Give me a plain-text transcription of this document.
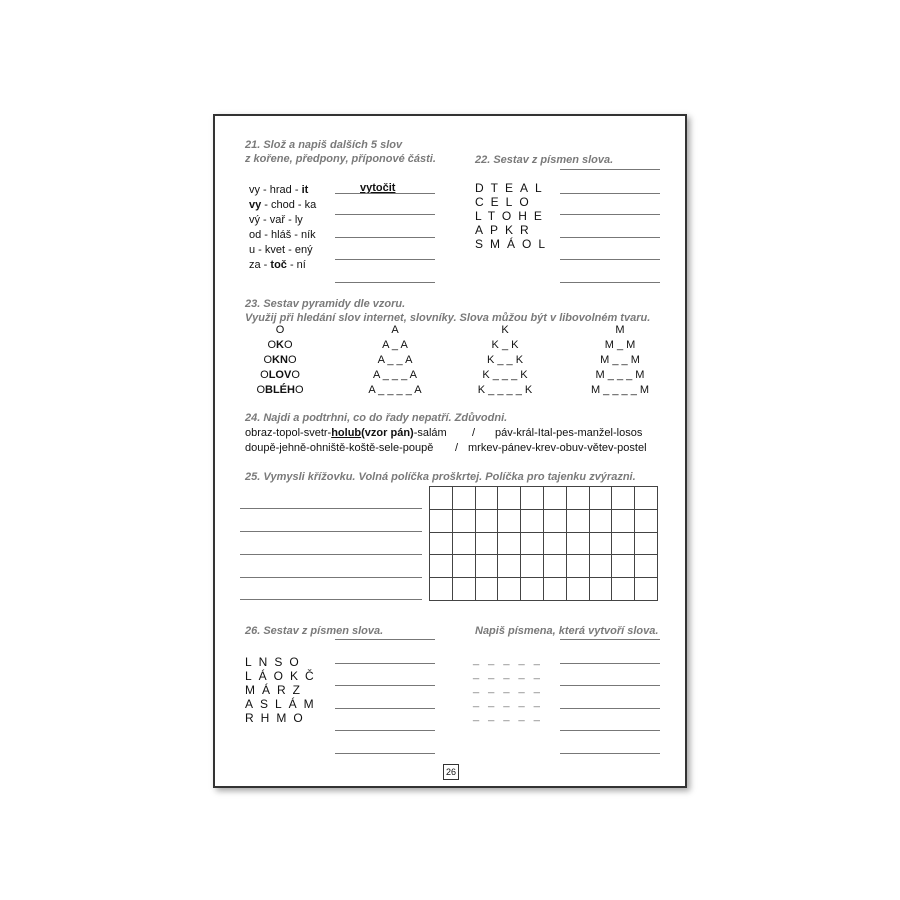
21. Slož a napiš dalších 5 slov
z kořene, předpony, příponové části.
vy - hrad - it
vy - chod - ka
vý - vař - ly
od - hláš - ník
u - kvet - ený
za - toč - ní
vytočit
22. Sestav z písmen slova.
DTEAL
CELO
LTOHE
APKR
SMÁOL
23. Sestav pyramidy dle vzoru.
Využij při hledání slov internet, slovníky. Slova můžou být v libovolném tvaru.
O
OKO
OKNO
OLOVO
OBLÉHO
A
A _ A
A _ _ A
A _ _ _ A
A _ _ _ _ A
K
K _ K
K _ _ K
K _ _ _ K
K _ _ _ _ K
M
M _ M
M _ _ M
M _ _ _ M
M _ _ _ _ M
24. Najdi a podtrhni, co do řady nepatří. Zdůvodni.
obraz-topol-svetr-holub(vzor pán)-salám / páv-král-Ital-pes-manžel-losos
doupě-jehně-ohniště-koště-sele-poupě / mrkev-pánev-krev-obuv-větev-postel
25. Vymysli křížovku. Volná políčka proškrtej. Políčka pro tajenku zvýrazni.
26. Sestav z písmen slova.
LNSO
LÁOKČ
MÁRZ
ASLÁM
RHMO
Napiš písmena, která vytvoří slova.
_ _ _ _ _
_ _ _ _ _
_ _ _ _ _
_ _ _ _ _
_ _ _ _ _
26
